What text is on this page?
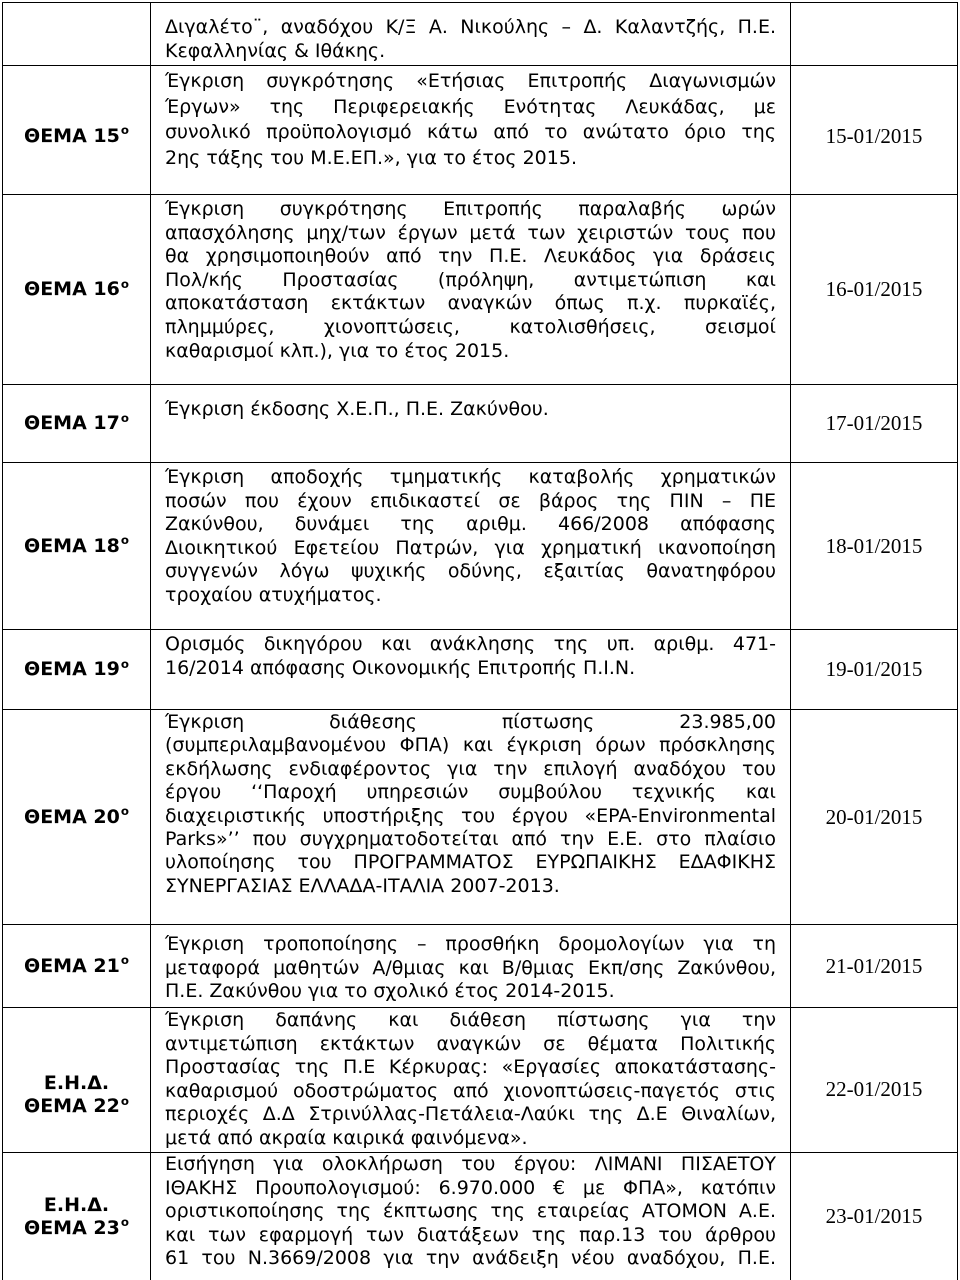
Διγαλέτο¨, αναδόχου Κ/Ξ Α. Νικούλης – Δ. Καλαντζής, Π.Ε.
Κεφαλληνίας & Ιθάκης.
ΘΕΜΑ $15^o$
Έγκριση συγκρότησης «Ετήσιας Επιτροπής Διαγωνισμών
Έργων» της Περιφερειακής Ενότητας Λευκάδας, με
συνολικό προϋπολογισμό κάτω από το ανώτατο όριο της
2ης τάξης του Μ.Ε.ΕΠ.», για το έτος 2015.
15-01/2015
ΘΕΜΑ $16^o$
Έγκριση συγκρότησης Επιτροπής παραλαβής ωρών
απασχόλησης μηχ/των έργων μετά των χειριστών τους που
θα χρησιμοποιηθούν από την Π.Ε. Λευκάδος για δράσεις
Πολ/κής Προστασίας (πρόληψη, αντιμετώπιση και
αποκατάσταση εκτάκτων αναγκών όπως π.χ. πυρκαϊές,
πλημμύρες, χιονοπτώσεις, κατολισθήσεις, σεισμοί
καθαρισμοί κλπ.), για το έτος 2015.
16-01/2015
ΘΕΜΑ $17^o$ Έγκριση έκδοσης Χ.Ε.Π., Π.Ε. Ζακύνθου.
17-01/2015
ΘΕΜΑ $18^o$
Έγκριση αποδοχής τμηματικής καταβολής χρηματικών
ποσών που έχουν επιδικαστεί σε βάρος της ΠΙΝ – ΠΕ
Ζακύνθου, δυνάμει της αριθμ. 466/2008 απόφασης
Διοικητικού Εφετείου Πατρών, για χρηματική ικανοποίηση
συγγενών λόγω ψυχικής οδύνης, εξαιτίας θανατηφόρου
τροχαίου ατυχήματος.
18-01/2015
ΘΕΜΑ $19^o$
Ορισμός δικηγόρου και ανάκλησης της υπ. αριθμ. 471-
16/2014 απόφασης Οικονομικής Επιτροπής Π.Ι.Ν.	19-01/2015
ΘΕΜΑ $20^o$
Έγκριση διάθεσης πίστωσης 23.985,00
(συμπεριλαμβανομένου ΦΠΑ) και έγκριση όρων πρόσκλησης
εκδήλωσης ενδιαφέροντος για την επιλογή αναδόχου του
έργου ‘‘Παροχή υπηρεσιών συμβούλου τεχνικής και
διαχειριστικής υποστήριξης του έργου «EPA-Environmental
Parks»’’ που συγχρηματοδοτείται από την Ε.Ε. στο πλαίσιο
υλοποίησης του ΠΡΟΓΡΑΜΜΑΤΟΣ ΕΥΡΩΠΑΙΚΗΣ ΕΔΑΦΙΚΗΣ
ΣΥΝΕΡΓΑΣΙΑΣ ΕΛΛΑΔΑ-ΙΤΑΛΙΑ 2007-2013.
20-01/2015
ΘΕΜΑ $21^o$
Έγκριση τροποποίησης – προσθήκη δρομολογίων για τη
μεταφορά μαθητών Α/θμιας και Β/θμιας Εκπ/σης Ζακύνθου,
Π.Ε. Ζακύνθου για το σχολικό έτος 2014-2015.
21-01/2015
Ε.Η.Δ.
ΘΕΜΑ $22^o$
Έγκριση δαπάνης και διάθεση πίστωσης για την
αντιμετώπιση εκτάκτων αναγκών σε θέματα Πολιτικής
Προστασίας της Π.Ε Κέρκυρας: «Εργασίες αποκατάστασης-
καθαρισμού οδοστρώματος από χιονοπτώσεις-παγετός στις
περιοχές Δ.Δ Στρινύλλας-Πετάλεια-Λαύκι της Δ.Ε Θιναλίων,
μετά από ακραία καιρικά φαινόμενα».
22-01/2015
Ε.Η.Δ.
ΘΕΜΑ $23^o$
Εισήγηση για ολοκλήρωση του έργου: ΛΙΜΑΝΙ ΠΙΣΑΕΤΟΥ
ΙΘΑΚΗΣ Προυπολογισμού: 6.970.000 € με ΦΠΑ», κατόπιν
οριστικοποίησης της έκπτωσης της εταιρείας ΑΤΟΜΟΝ Α.Ε.
και των εφαρμογή των διατάξεων της παρ.13 του άρθρου
61 του Ν.3669/2008 για την ανάδειξη νέου αναδόχου, Π.Ε.
23-01/2015
